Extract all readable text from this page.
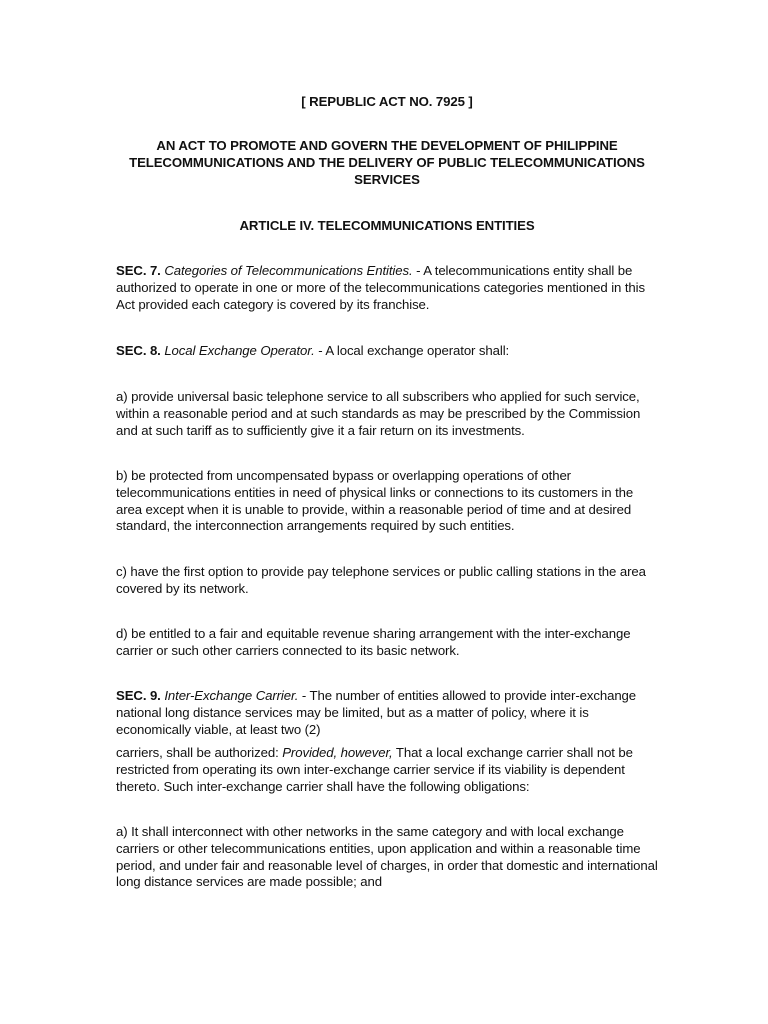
[ REPUBLIC ACT NO. 7925 ]
AN ACT TO PROMOTE AND GOVERN THE DEVELOPMENT OF PHILIPPINE TELECOMMUNICATIONS AND THE DELIVERY OF PUBLIC TELECOMMUNICATIONS SERVICES
ARTICLE IV. TELECOMMUNICATIONS ENTITIES
SEC. 7. Categories of Telecommunications Entities. - A telecommunications entity shall be authorized to operate in one or more of the telecommunications categories mentioned in this Act provided each category is covered by its franchise.
SEC. 8. Local Exchange Operator. - A local exchange operator shall:
a) provide universal basic telephone service to all subscribers who applied for such service, within a reasonable period and at such standards as may be prescribed by the Commission and at such tariff as to sufficiently give it a fair return on its investments.
b) be protected from uncompensated bypass or overlapping operations of other telecommunications entities in need of physical links or connections to its customers in the area except when it is unable to provide, within a reasonable period of time and at desired standard, the interconnection arrangements required by such entities.
c) have the first option to provide pay telephone services or public calling stations in the area covered by its network.
d) be entitled to a fair and equitable revenue sharing arrangement with the inter-exchange carrier or such other carriers connected to its basic network.
SEC. 9. Inter-Exchange Carrier. - The number of entities allowed to provide inter-exchange national long distance services may be limited, but as a matter of policy, where it is economically viable, at least two (2)
carriers, shall be authorized: Provided, however, That a local exchange carrier shall not be restricted from operating its own inter-exchange carrier service if its viability is dependent thereto. Such inter-exchange carrier shall have the following obligations:
a) It shall interconnect with other networks in the same category and with local exchange carriers or other telecommunications entities, upon application and within a reasonable time period, and under fair and reasonable level of charges, in order that domestic and international long distance services are made possible; and
